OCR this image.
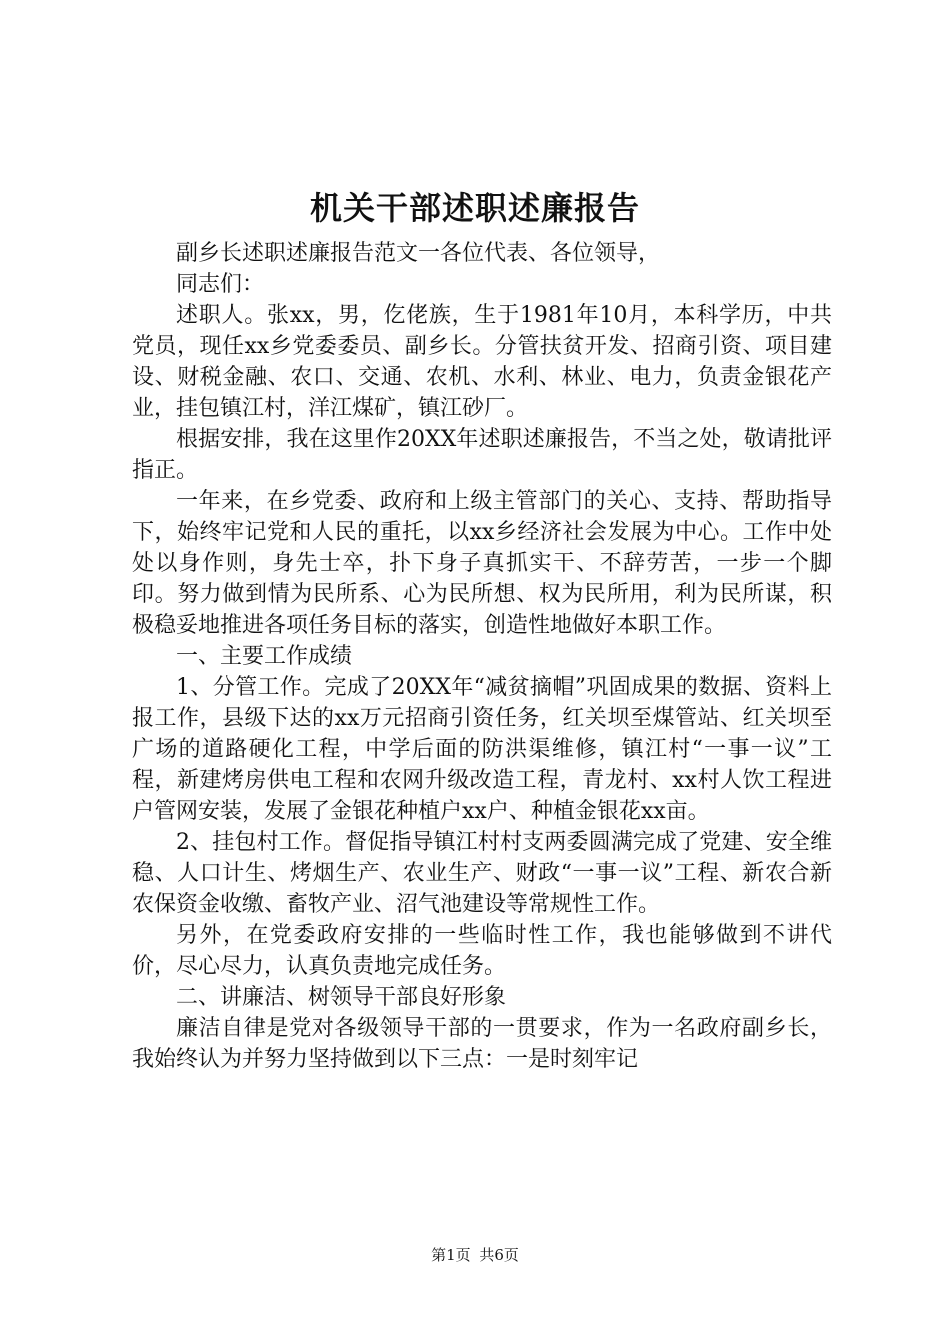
机关干部述职述廉报告

副乡长述职述廉报告范文一各位代表、各位领导，

同志们：

述职人。张xx，男，仡佬族，生于1981年10月，本科学历，中共党员，现任xx乡党委委员、副乡长。分管扶贫开发、招商引资、项目建设、财税金融、农口、交通、农机、水利、林业、电力，负责金银花产业，挂包镇江村，洋江煤矿，镇江砂厂。

根据安排，我在这里作20XX年述职述廉报告，不当之处，敬请批评指正。

一年来，在乡党委、政府和上级主管部门的关心、支持、帮助指导下，始终牢记党和人民的重托，以xx乡经济社会发展为中心。工作中处处以身作则，身先士卒，扑下身子真抓实干、不辞劳苦，一步一个脚印。努力做到情为民所系、心为民所想、权为民所用，利为民所谋，积极稳妥地推进各项任务目标的落实，创造性地做好本职工作。

一、主要工作成绩

1、分管工作。完成了20XX年“减贫摘帽”巩固成果的数据、资料上报工作，县级下达的xx万元招商引资任务，红关坝至煤管站、红关坝至广场的道路硬化工程，中学后面的防洪渠维修，镇江村“一事一议”工程，新建烤房供电工程和农网升级改造工程，青龙村、xx村人饮工程进户管网安装，发展了金银花种植户xx户、种植金银花xx亩。

2、挂包村工作。督促指导镇江村村支两委圆满完成了党建、安全维稳、人口计生、烤烟生产、农业生产、财政“一事一议”工程、新农合新农保资金收缴、畜牧产业、沼气池建设等常规性工作。

另外，在党委政府安排的一些临时性工作，我也能够做到不讲代价，尽心尽力，认真负责地完成任务。

二、讲廉洁、树领导干部良好形象

廉洁自律是党对各级领导干部的一贯要求，作为一名政府副乡长，我始终认为并努力坚持做到以下三点：一是时刻牢记

第1页 共6页
